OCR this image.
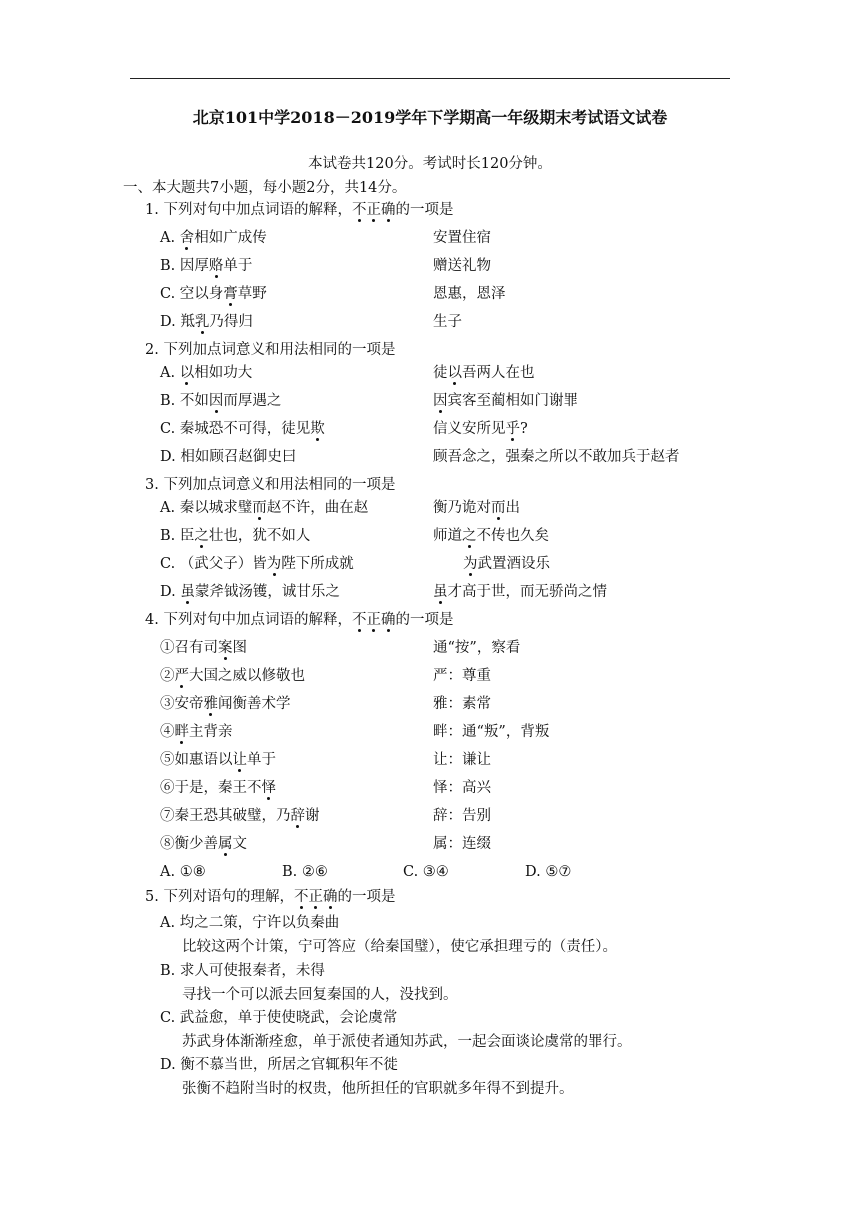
北京101中学2018－2019学年下学期高一年级期末考试语文试卷
本试卷共120分。考试时长120分钟。
一、本大题共7小题，每小题2分，共14分。
1. 下列对句中加点词语的解释，不正确的一项是
A. 舍相如广成传	安置住宿
B. 因厚赂单于	赠送礼物
C. 空以身膏草野	恩惠，恩泽
D. 羝乳乃得归	生子
2. 下列加点词意义和用法相同的一项是
A. 以相如功大	徒以吾两人在也
B. 不如因而厚遇之	因宾客至蔺相如门谢罪
C. 秦城恐不可得，徒见欺	信义安所见乎?
D. 相如顾召赵御史曰	顾吾念之，强秦之所以不敢加兵于赵者
3. 下列加点词意义和用法相同的一项是
A. 秦以城求璧而赵不许，曲在赵	衡乃诡对而出
B. 臣之壮也，犹不如人	师道之不传也久矣
C. （武父子）皆为陛下所成就	为武置酒设乐
D. 虽蒙斧钺汤镬，诚甘乐之	虽才高于世，而无骄尚之情
4. 下列对句中加点词语的解释，不正确的一项是
①召有司案图	通“按”，察看
②严大国之威以修敬也	严：尊重
③安帝雅闻衡善术学	雅：素常
④畔主背亲	畔：通“叛”，背叛
⑤如惠语以让单于	让：谦让
⑥于是，秦王不怿	怿：高兴
⑦秦王恐其破璧，乃辞谢	辞：告别
⑧衡少善属文	属：连缀
A. ①⑧	B. ②⑥	C. ③④	D. ⑤⑦
5. 下列对语句的理解，不正确的一项是
A. 均之二策，宁许以负秦曲
比较这两个计策，宁可答应（给秦国璧），使它承担理亏的（责任）。
B. 求人可使报秦者，未得
寻找一个可以派去回复秦国的人，没找到。
C. 武益愈，单于使使晓武，会论虞常
苏武身体渐渐痊愈，单于派使者通知苏武，一起会面谈论虞常的罪行。
D. 衡不慕当世，所居之官辄积年不徙
张衡不趋附当时的权贵，他所担任的官职就多年得不到提升。
